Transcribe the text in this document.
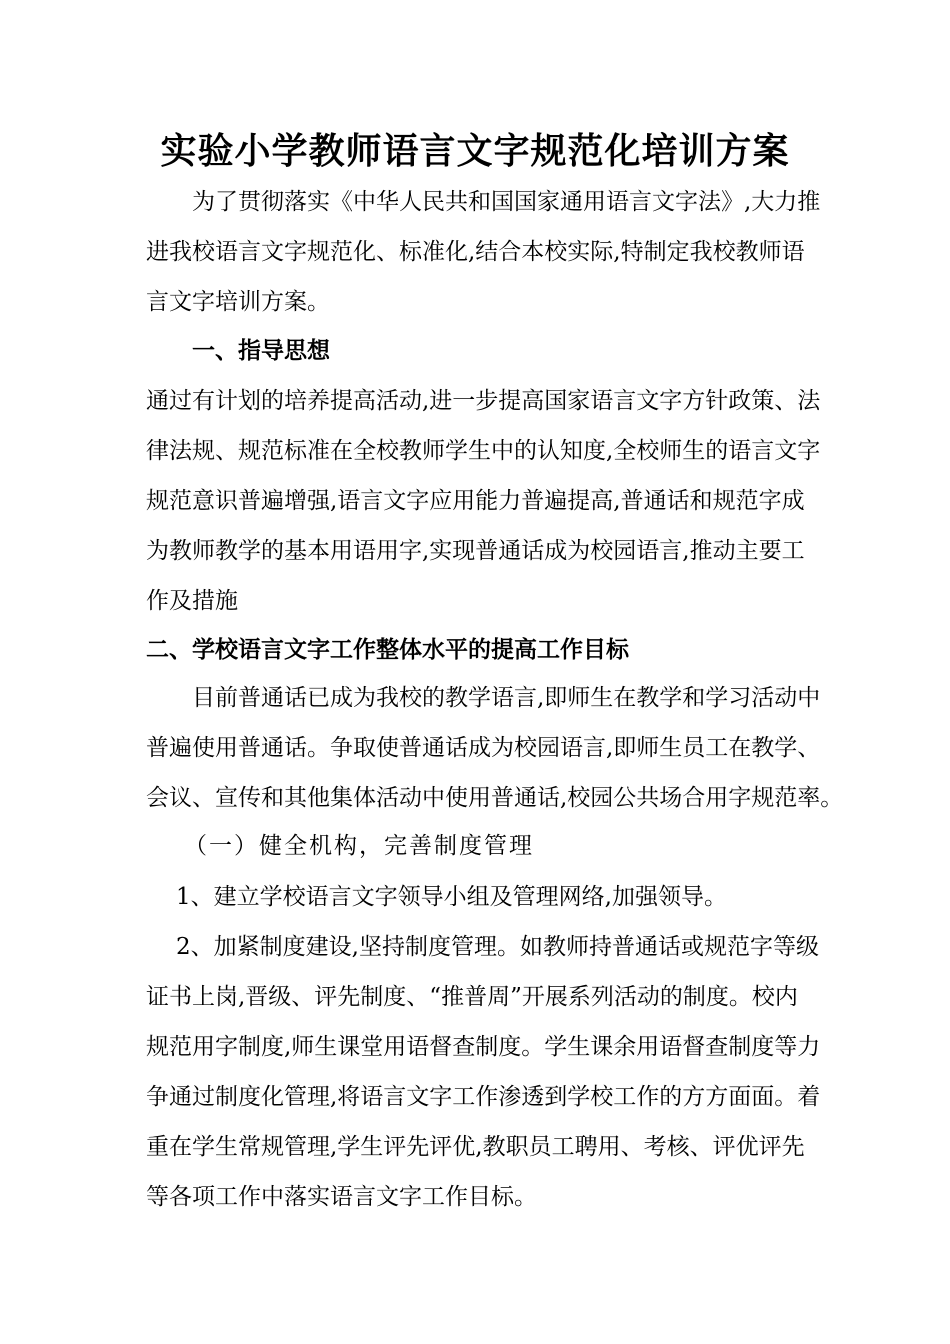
实验小学教师语言文字规范化培训方案
为了贯彻落实《中华人民共和国国家通用语言文字法》,大力推
进我校语言文字规范化、标准化,结合本校实际,特制定我校教师语
言文字培训方案。
一、指导思想
通过有计划的培养提高活动,进一步提高国家语言文字方针政策、法
律法规、规范标准在全校教师学生中的认知度,全校师生的语言文字
规范意识普遍增强,语言文字应用能力普遍提高,普通话和规范字成
为教师教学的基本用语用字,实现普通话成为校园语言,推动主要工
作及措施
二、学校语言文字工作整体水平的提高工作目标
目前普通话已成为我校的教学语言,即师生在教学和学习活动中
普遍使用普通话。争取使普通话成为校园语言,即师生员工在教学、
会议、宣传和其他集体活动中使用普通话,校园公共场合用字规范率。
（一）健全机构，完善制度管理
1、建立学校语言文字领导小组及管理网络,加强领导。
2、加紧制度建设,坚持制度管理。如教师持普通话或规范字等级
证书上岗,晋级、评先制度、“推普周”开展系列活动的制度。校内
规范用字制度,师生课堂用语督查制度。学生课余用语督查制度等力
争通过制度化管理,将语言文字工作渗透到学校工作的方方面面。着
重在学生常规管理,学生评先评优,教职员工聘用、考核、评优评先
等各项工作中落实语言文字工作目标。
